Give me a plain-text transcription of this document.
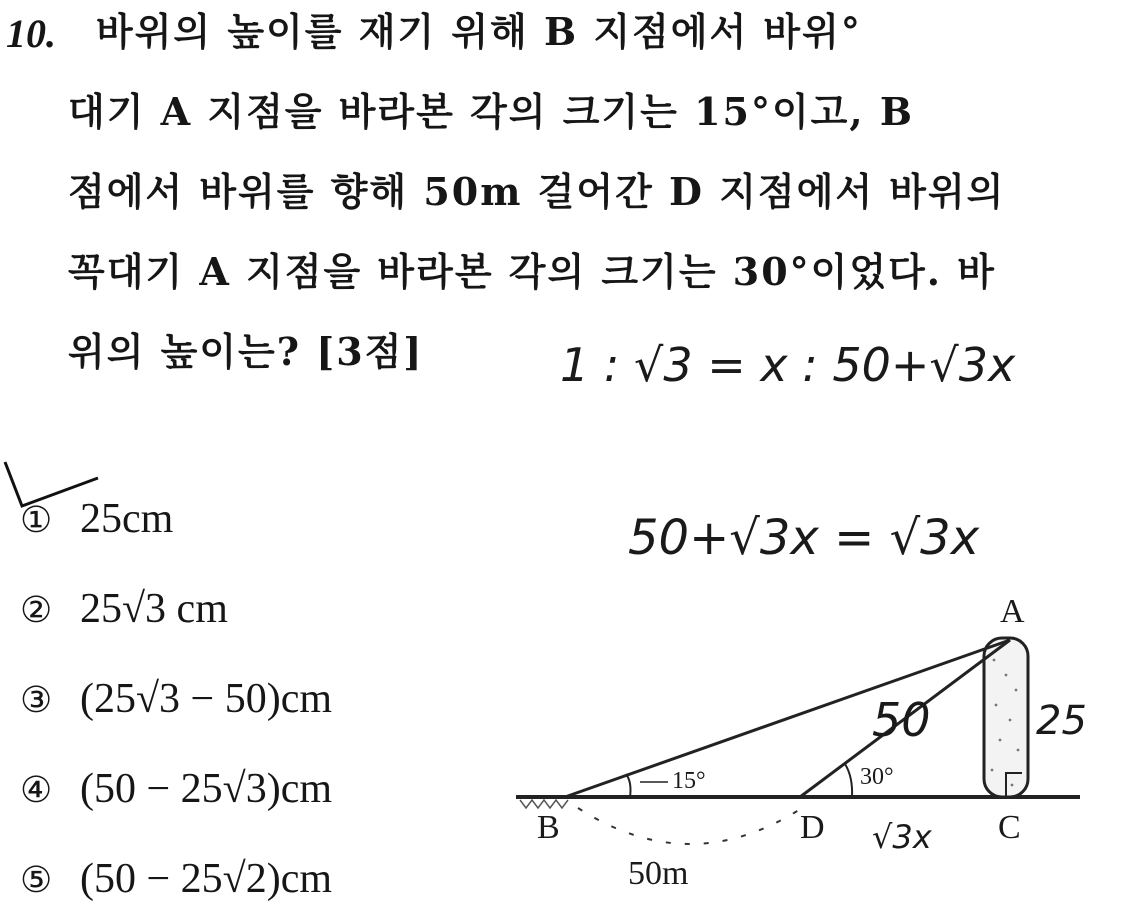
10. 바위의 높이를 재기 위해 B 지점에서 바위°
대기 A 지점을 바라본 각의 크기는 15°이고, B
점에서 바위를 향해 50m 걸어간 D 지점에서 바위의
꼭대기 A 지점을 바라본 각의 크기는 30°이었다. 바
위의 높이는? [3점]
① 25cm
② 25√3 cm
③ (25√3 − 50)cm
④ (50 − 25√3)cm
⑤ (50 − 25√2)cm
1 : √3 = x : 50+√3x
50+√3x = √3x
A
B	C
D
15°	30°
50m
50	25
√3x
